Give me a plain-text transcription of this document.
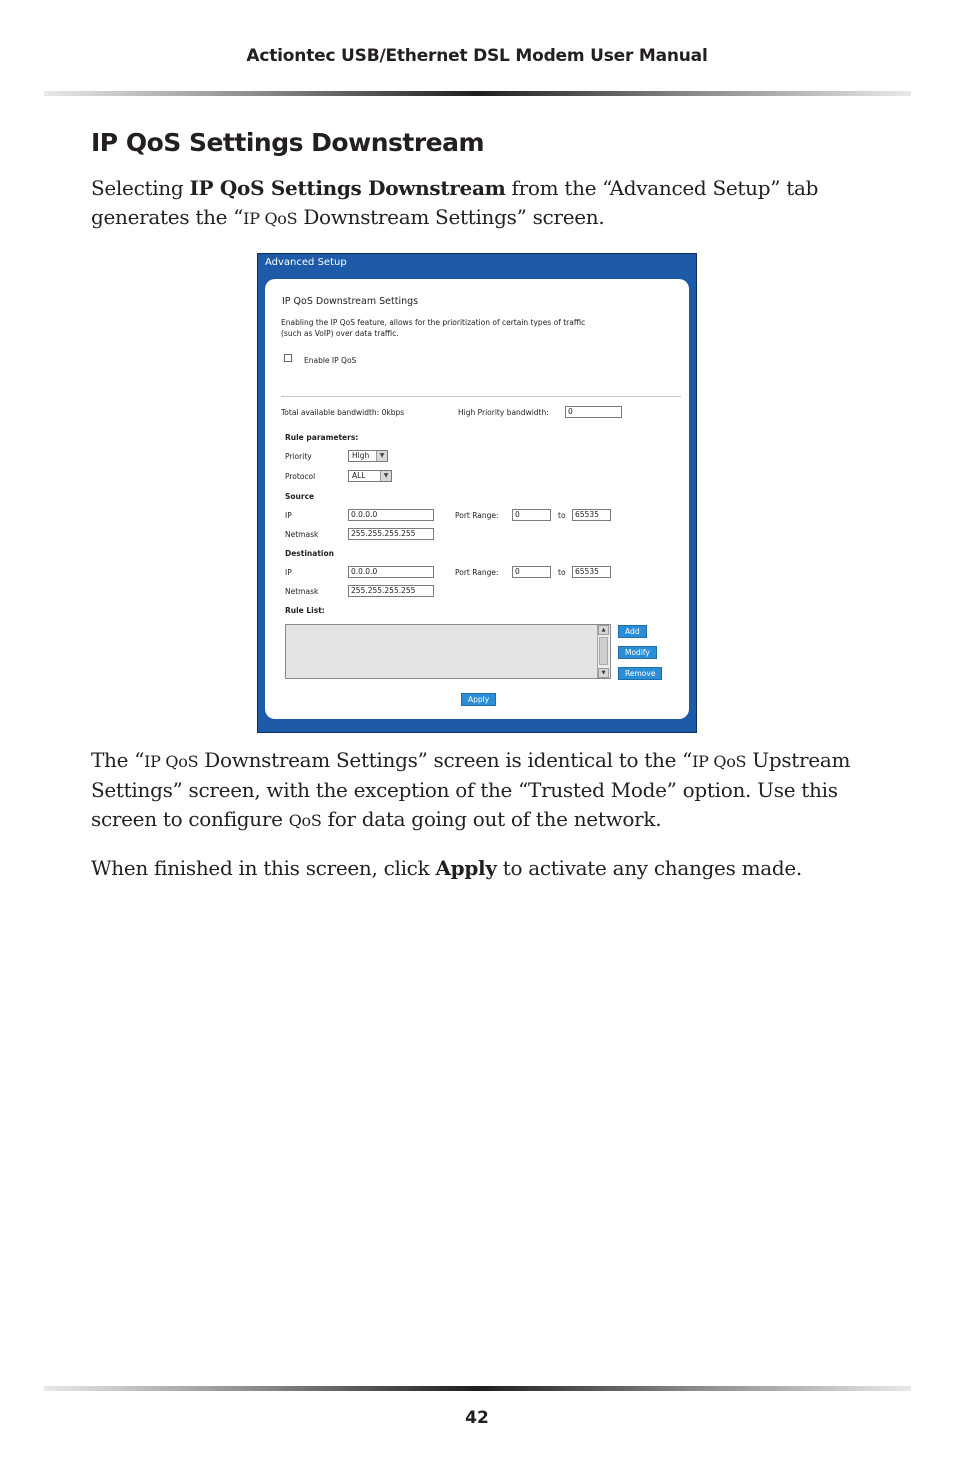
Actiontec USB/Ethernet DSL Modem User Manual
IP QoS Settings Downstream
Selecting IP QoS Settings Downstream from the “Advanced Setup” tab generates the “IP QoS Downstream Settings” screen.
Advanced Setup
IP QoS Downstream Settings
Enabling the IP QoS feature, allows for the prioritization of certain types of traffic
(such as VoIP) over data traffic.
Enable IP QoS
Total available bandwidth: 0kbps	High Priority bandwidth:	0
Rule parameters:
Priority	High	▼
Protocol	ALL	▼
Source
IP	0.0.0.0	Port Range:	0	to	65535
Netmask	255.255.255.255
Destination
IP	0.0.0.0	Port Range:	0	to	65535
Netmask	255.255.255.255
Rule List:
▲
▼
Add
Modify
Remove
Apply
The “IP QoS Downstream Settings” screen is identical to the “IP QoS Upstream Settings” screen, with the exception of the “Trusted Mode” option. Use this screen to configure QoS for data going out of the network.
When finished in this screen, click Apply to activate any changes made.
42
